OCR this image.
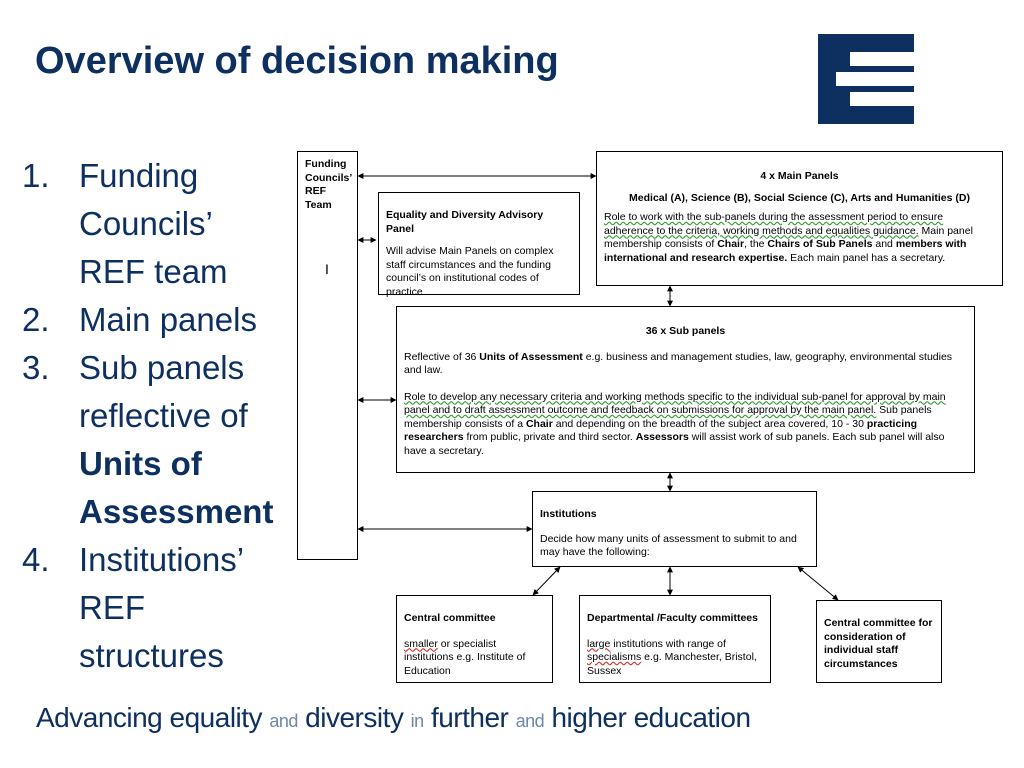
Overview of decision making
1. Funding
Councils’
REF team
2. Main panels
3. Sub panels
reflective of
Units of
Assessment
4. Institutions’
REF
structures
Funding
Councils’
REF
Team
I

Equality and Diversity Advisory Panel

Will advise Main Panels on complex staff circumstances and the funding council’s on institutional codes of practice

4 x Main Panels

Medical (A), Science (B), Social Science (C), Arts and Humanities (D)

Role to work with the sub-panels during the assessment period to ensure adherence to the criteria, working methods and equalities guidance. Main panel membership consists of Chair, the Chairs of Sub Panels and members with international and research expertise. Each main panel has a secretary.

36 x Sub panels

Reflective of 36 Units of Assessment e.g. business and management studies, law, geography, environmental studies and law.

Role to develop any necessary criteria and working methods specific to the individual sub-panel for approval by main panel and to draft assessment outcome and feedback on submissions for approval by the main panel. Sub panels membership consists of a Chair and depending on the breadth of the subject area covered, 10 - 30 practicing researchers from public, private and third sector. Assessors will assist work of sub panels. Each sub panel will also have a secretary.

Institutions

Decide how many units of assessment to submit to and may have the following:

Central committee

smaller or specialist institutions e.g. Institute of Education

Departmental /Faculty committees

large institutions with range of specialisms e.g. Manchester, Bristol, Sussex

Central committee for consideration of individual staff circumstances

Advancing equality and diversity in further and higher education
